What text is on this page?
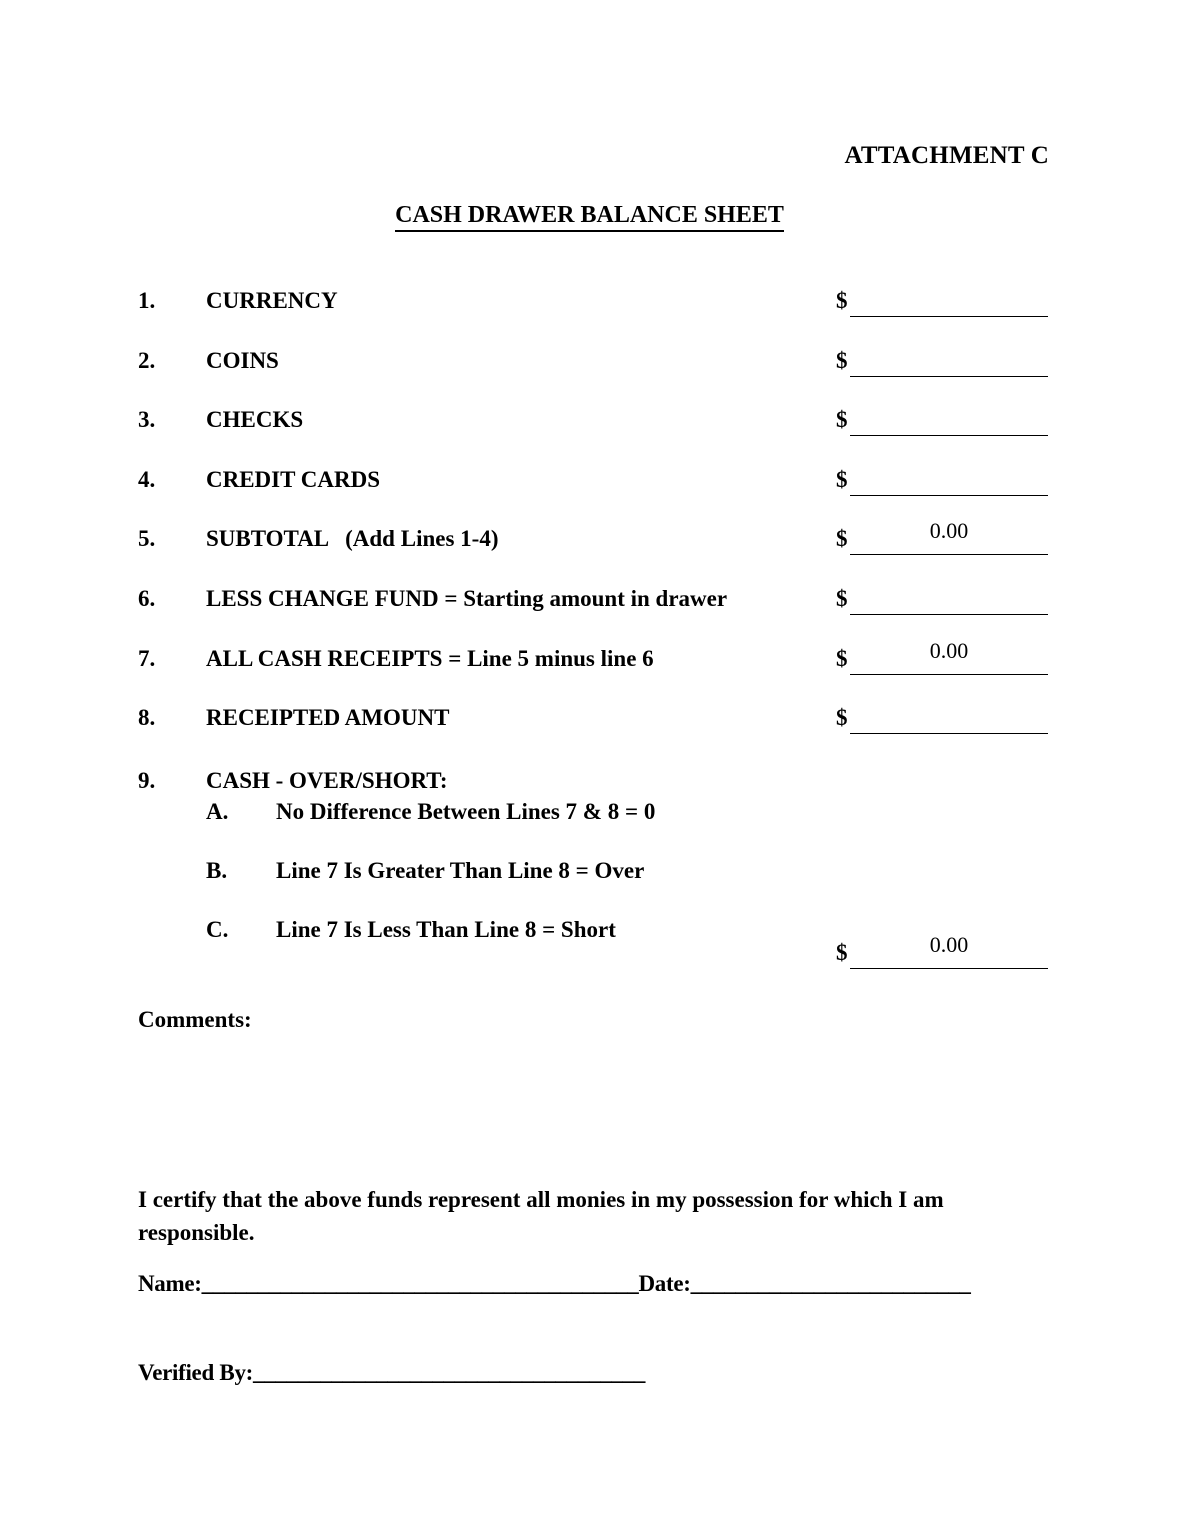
ATTACHMENT C
CASH DRAWER BALANCE SHEET
1. CURRENCY	$
2. COINS	$
3. CHECKS	$
4. CREDIT CARDS	$
5. SUBTOTAL   (Add Lines 1-4)	$	0.00
6. LESS CHANGE FUND = Starting amount in drawer	$
7. ALL CASH RECEIPTS = Line 5 minus line 6	$	0.00
8. RECEIPTED AMOUNT	$
9. CASH - OVER/SHORT:
A. No Difference Between Lines 7 & 8 = 0
B. Line 7 Is Greater Than Line 8 = Over
C. Line 7 Is Less Than Line 8 = Short
$	0.00
Comments:
I certify that the above funds represent all monies in my possession for which I am responsible.
Name:_______________________________________Date:_________________________
Verified By:___________________________________
